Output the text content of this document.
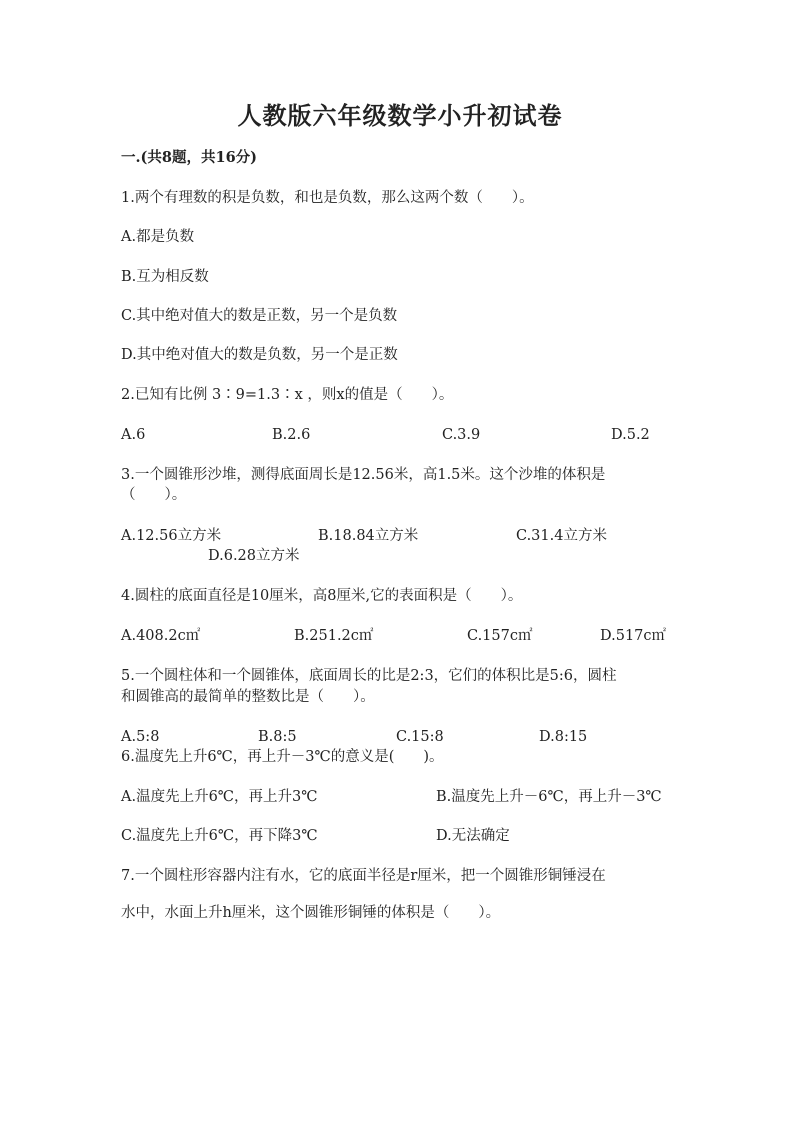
人教版六年级数学小升初试卷
一.(共8题，共16分)
1.两个有理数的积是负数，和也是负数，那么这两个数（　　）。
A.都是负数
B.互为相反数
C.其中绝对值大的数是正数，另一个是负数
D.其中绝对值大的数是负数，另一个是正数
2.已知有比例 3∶9=1.3∶x ，则x的值是（　　）。
A.6	B.2.6	C.3.9	D.5.2
3.一个圆锥形沙堆，测得底面周长是12.56米，高1.5米。这个沙堆的体积是
（　　）。
A.12.56立方米	B.18.84立方米	C.31.4立方米
D.6.28立方米
4.圆柱的底面直径是10厘米，高8厘米,它的表面积是（　　）。
A.408.2c㎡	B.251.2c㎡	C.157c㎡	D.517c㎡
5.一个圆柱体和一个圆锥体，底面周长的比是2:3，它们的体积比是5:6，圆柱
和圆锥高的最简单的整数比是（　　）。
A.5:8	B.8:5	C.15:8	D.8:15
6.温度先上升6℃，再上升－3℃的意义是(　　)。
A.温度先上升6℃，再上升3℃	B.温度先上升－6℃，再上升－3℃
C.温度先上升6℃，再下降3℃	D.无法确定
7.一个圆柱形容器内注有水，它的底面半径是r厘米，把一个圆锥形铜锤浸在
水中，水面上升h厘米，这个圆锥形铜锤的体积是（　　）。
